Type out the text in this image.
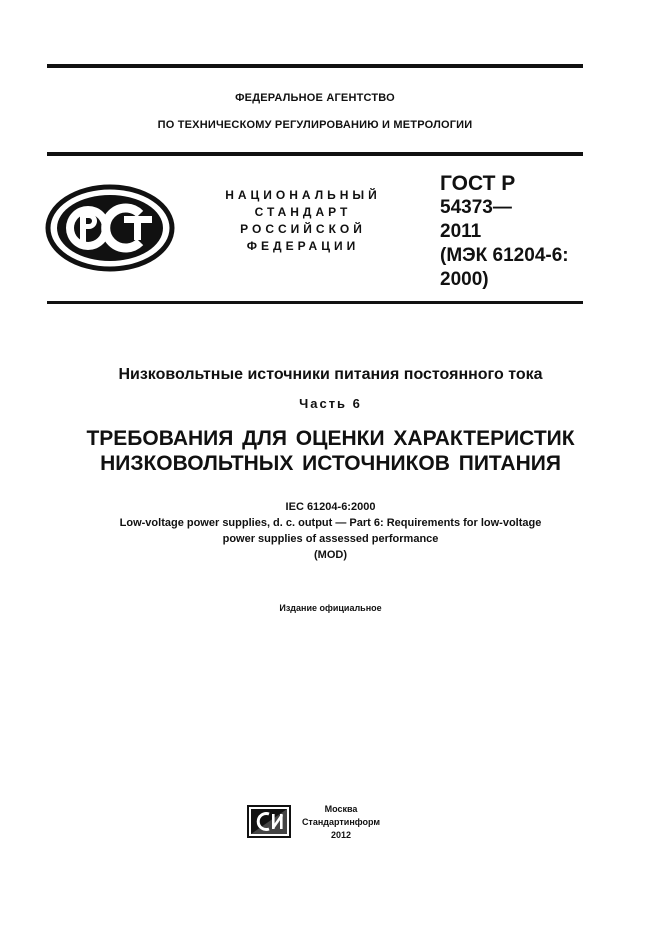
ФЕДЕРАЛЬНОЕ АГЕНТСТВО
ПО ТЕХНИЧЕСКОМУ РЕГУЛИРОВАНИЮ И МЕТРОЛОГИИ
НАЦИОНАЛЬНЫЙ
СТАНДАРТ
РОССИЙСКОЙ
ФЕДЕРАЦИИ
ГОСТ Р
54373—
2011
(МЭК 61204-6:
2000)
Низковольтные источники питания постоянного тока
Часть 6
ТРЕБОВАНИЯ ДЛЯ ОЦЕНКИ ХАРАКТЕРИСТИК
НИЗКОВОЛЬТНЫХ ИСТОЧНИКОВ ПИТАНИЯ
IEC 61204-6:2000
Low-voltage power supplies, d. c. output — Part 6: Requirements for low-voltage
power supplies of assessed performance
(MOD)
Издание официальное
Москва
Стандартинформ
2012
